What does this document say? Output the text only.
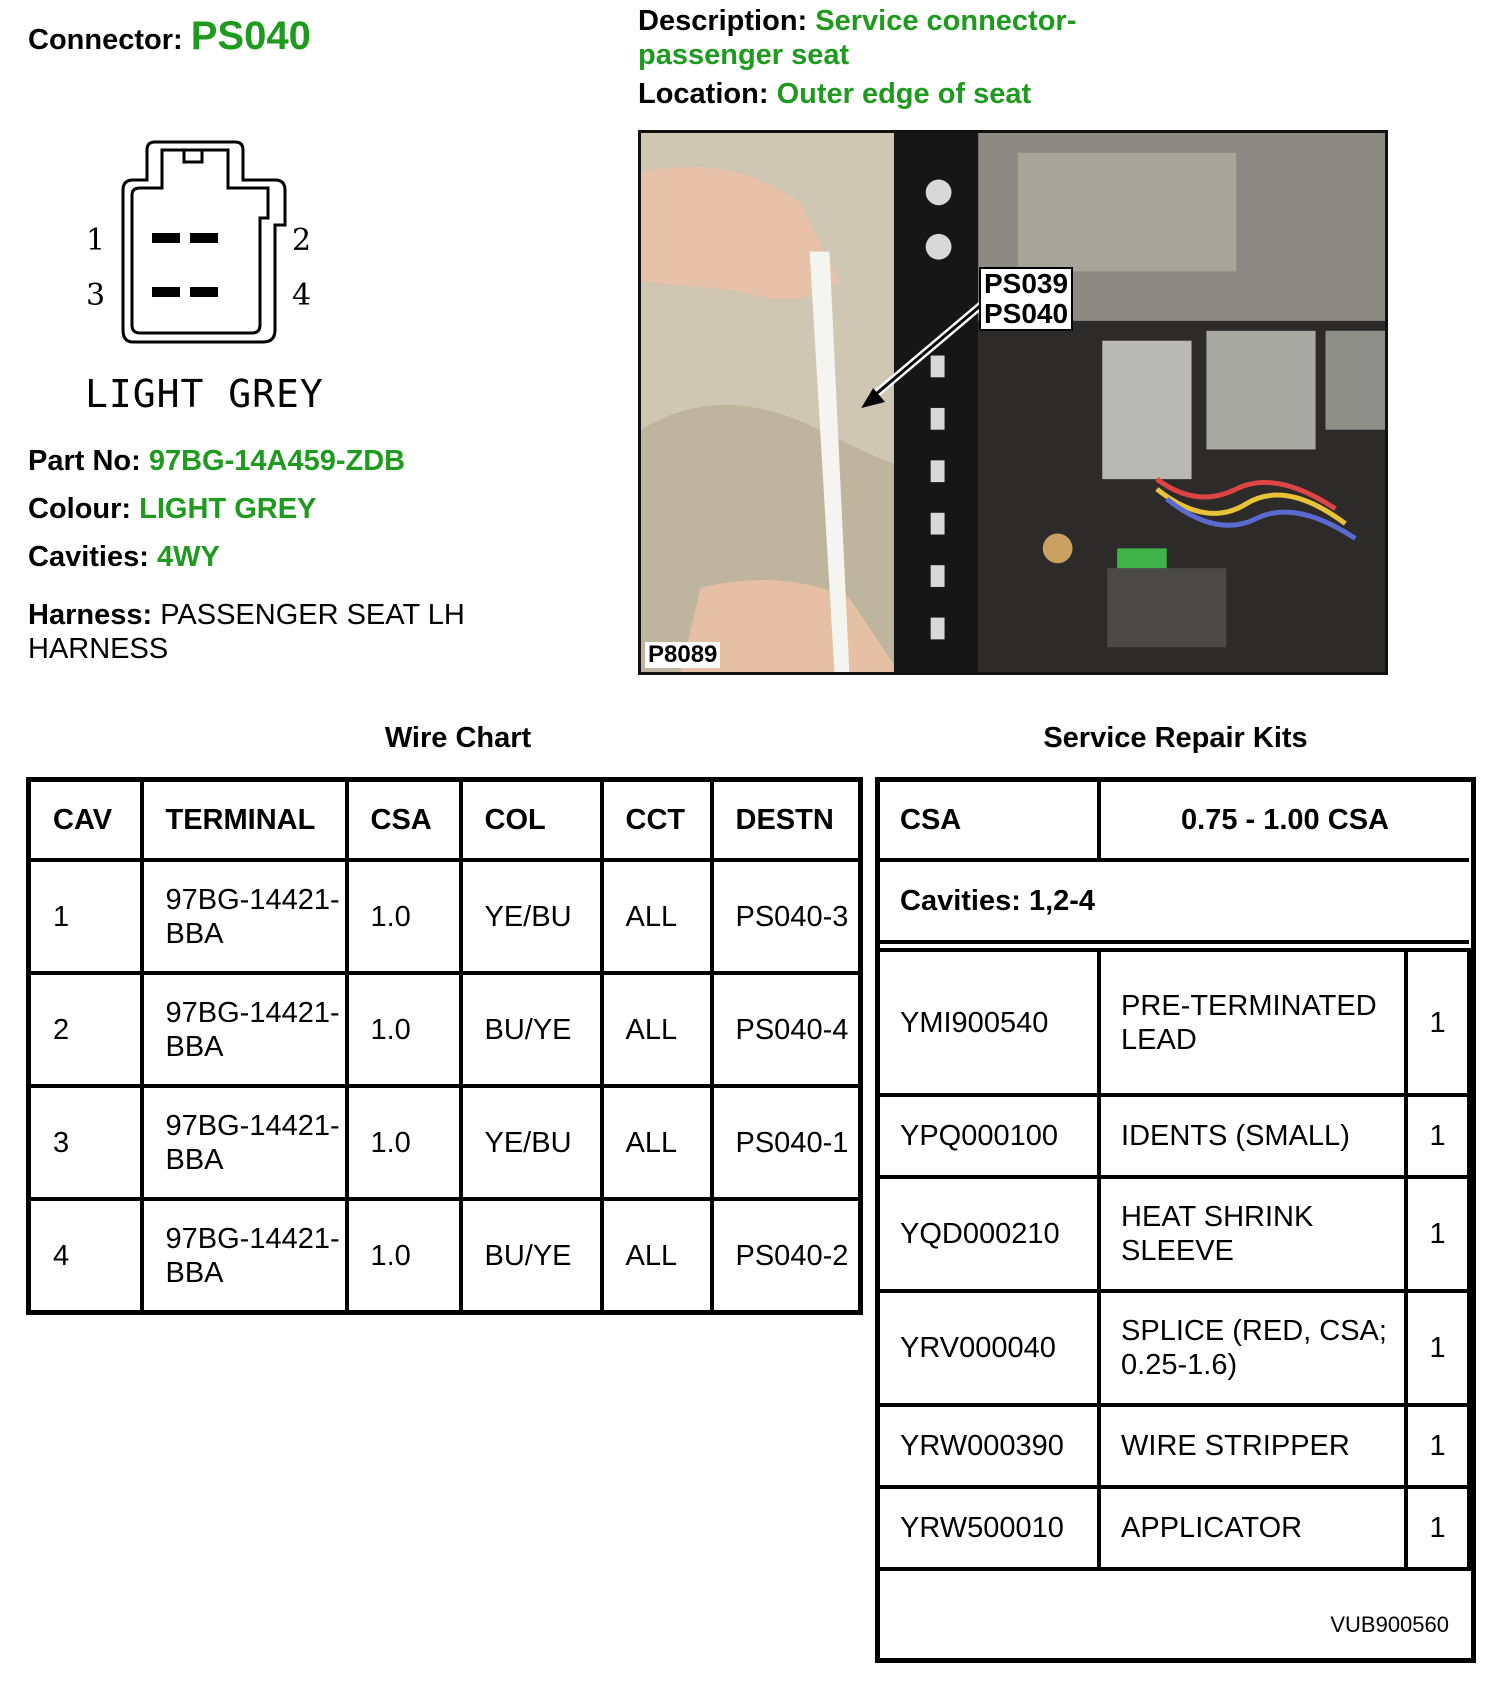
Connector: PS040
1	2
3	4
LIGHT GREY
Part No: 97BG-14A459-ZDB
Colour: LIGHT GREY
Cavities: 4WY
Harness: PASSENGER SEAT LH HARNESS
Description: Service connector-passenger seat
Location: Outer edge of seat
PS039
PS040
P8089
Wire Chart	Service Repair Kits
CAV	TERMINAL	CSA	COL	CCT	DESTN
1	97BG-14421-BBA	1.0	YE/BU	ALL	PS040-3
2	97BG-14421-BBA	1.0	BU/YE	ALL	PS040-4
3	97BG-14421-BBA	1.0	YE/BU	ALL	PS040-1
4	97BG-14421-BBA	1.0	BU/YE	ALL	PS040-2
CSA	0.75 - 1.00 CSA	
Cavities: 1,2-4		

YMI900540	PRE-TERMINATED LEAD	1
YPQ000100	IDENTS (SMALL)	1
YQD000210	HEAT SHRINK SLEEVE	1
YRV000040	SPLICE (RED, CSA; 0.25-1.6)	1
YRW000390	WIRE STRIPPER	1
YRW500010	APPLICATOR	1
VUB900560
